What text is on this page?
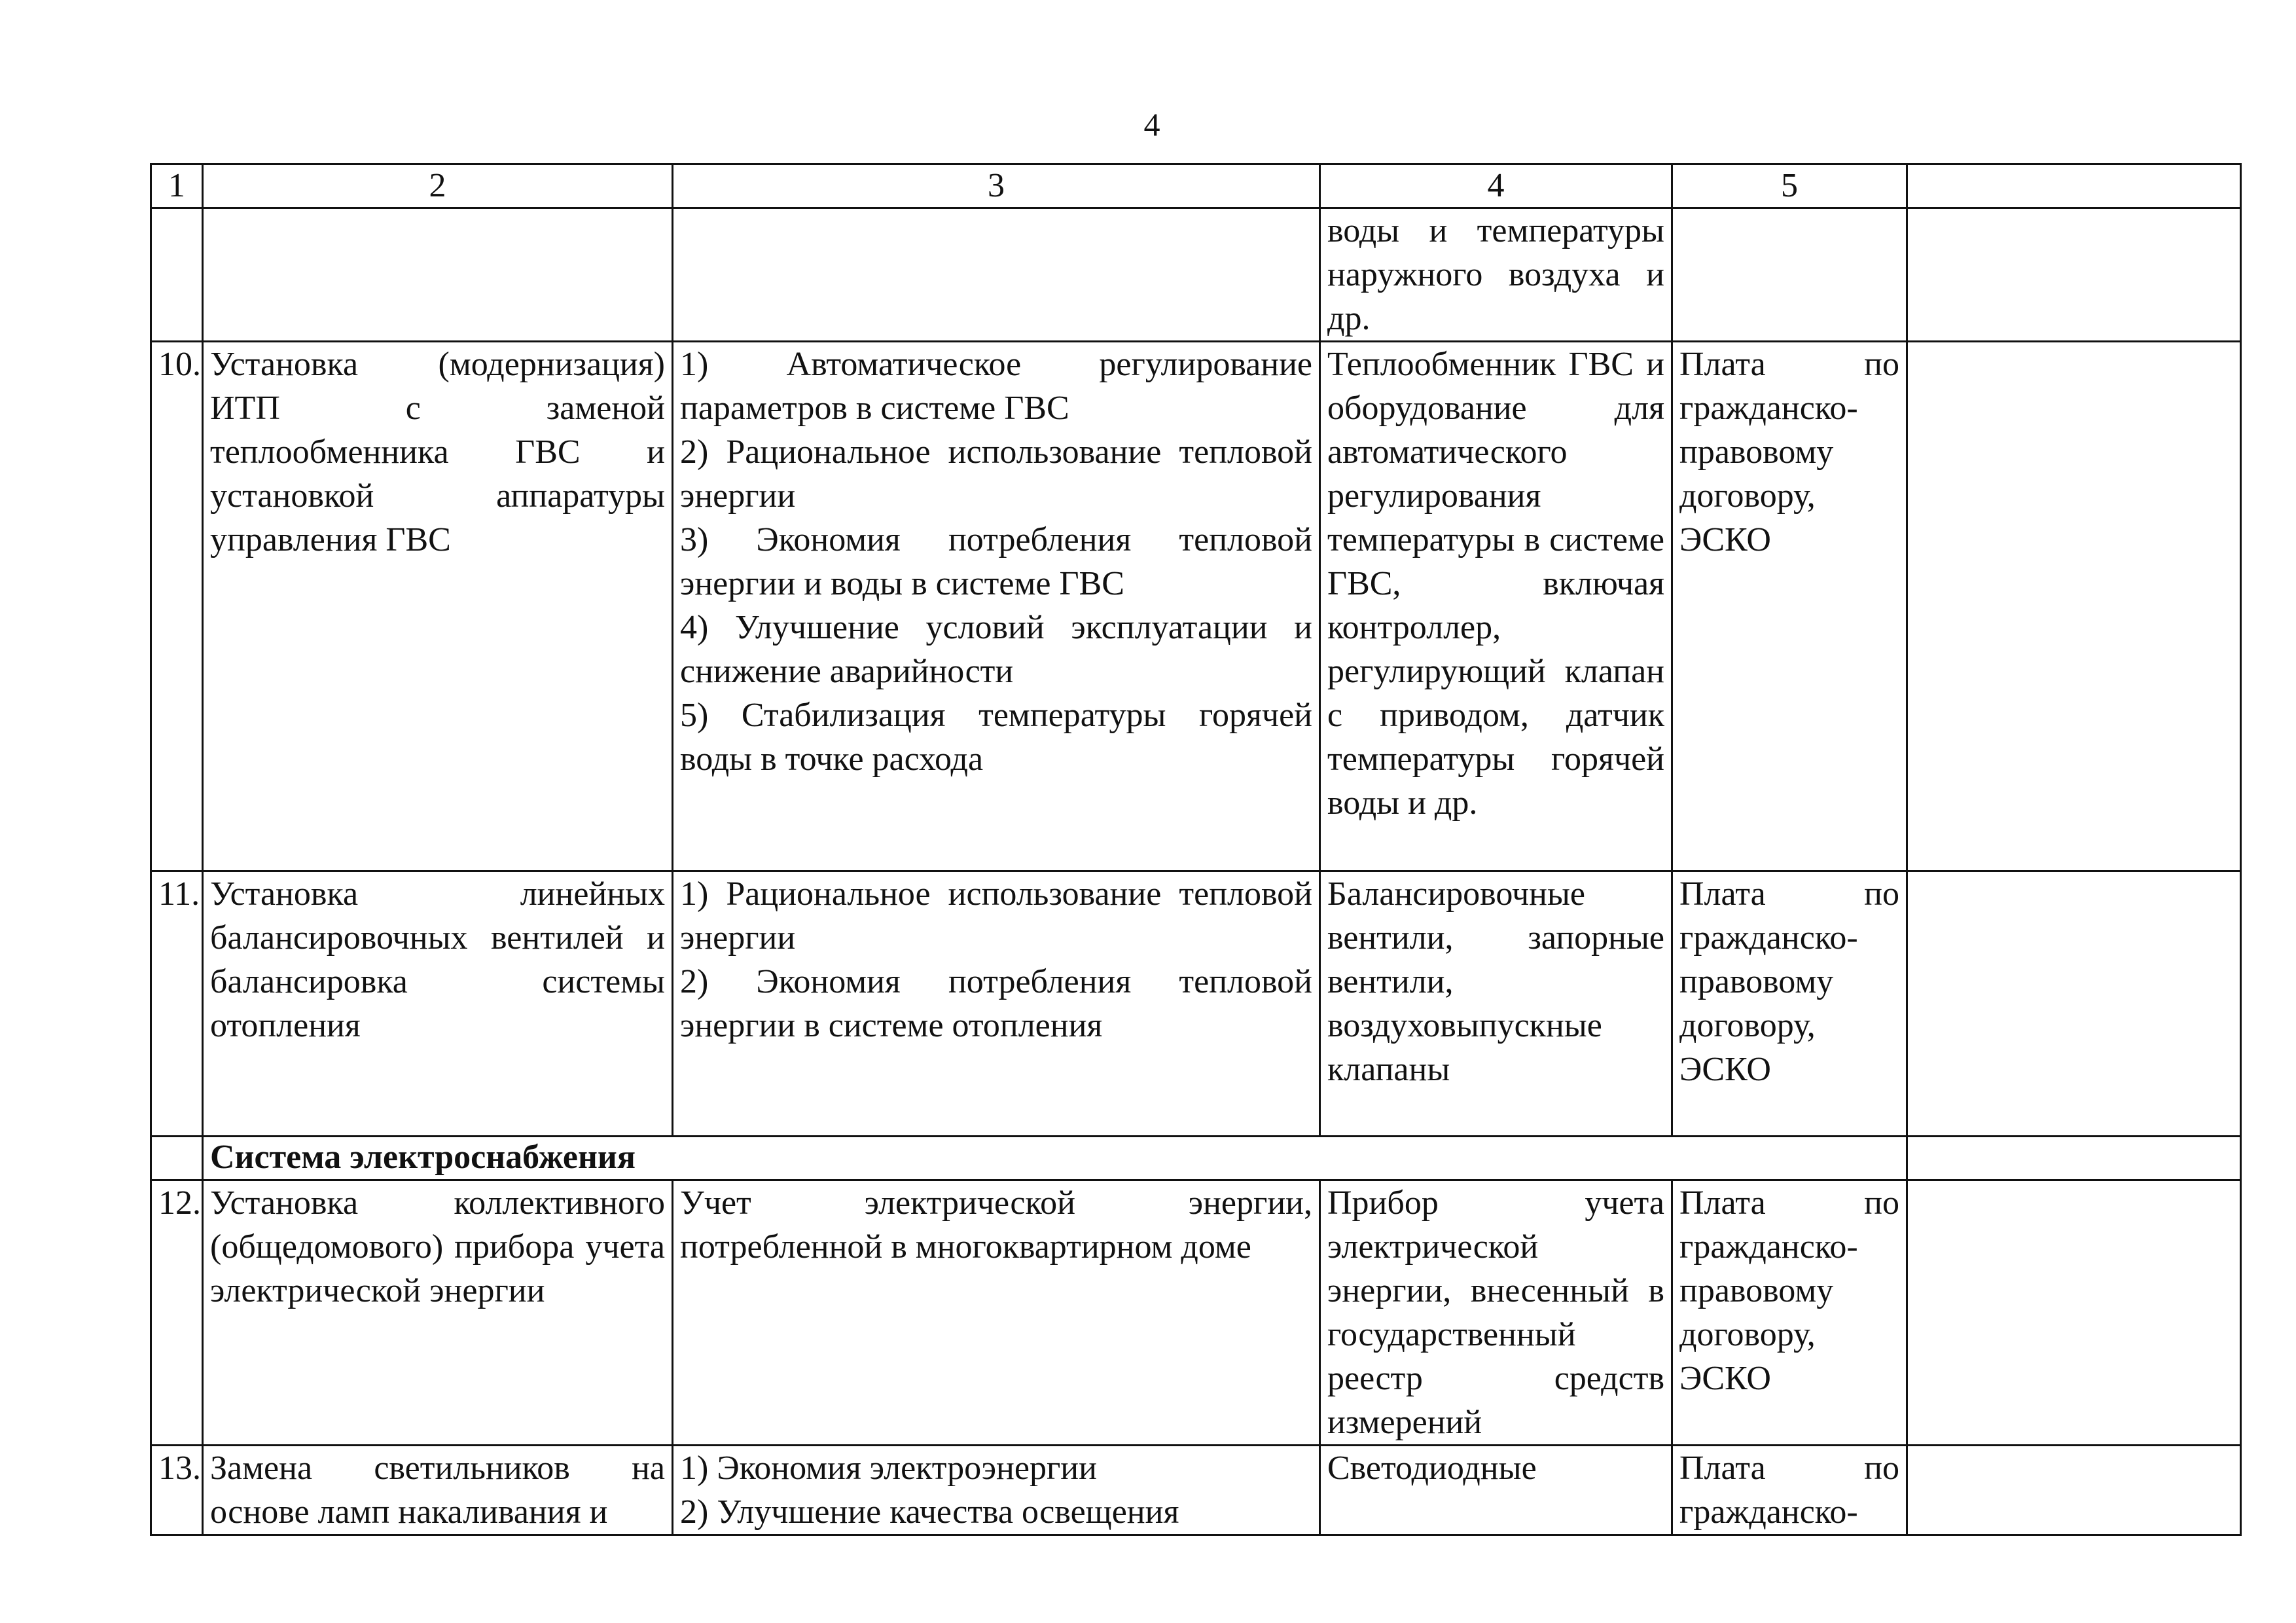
4
1	2	3	4	5	
			воды и температуры наружного воздуха и др.		
10.	Установка (модернизация) ИТП с заменой теплообменника ГВС и установкой аппаратуры управления ГВС	1) Автоматическое регулирование параметров в системе ГВС
2) Рациональное использование тепловой энергии
3) Экономия потребления тепловой энергии и воды в системе ГВС
4) Улучшение условий эксплуатации и снижение аварийности
5) Стабилизация температуры горячей воды в точке расхода	Теплообменник ГВС и оборудование для автоматического регулирования температуры в системе ГВС, включая контроллер, регулирующий клапан с приводом, датчик температуры горячей воды и др.	Плата по гражданско-правовому договору, ЭСКО	
11.	Установка линейных балансировочных вентилей и балансировка системы отопления	1) Рациональное использование тепловой энергии
2) Экономия потребления тепловой энергии в системе отопления	Балансировочные вентили, запорные вентили, воздуховыпускные клапаны	Плата по гражданско-правовому договору, ЭСКО	
	Система электроснабжения				
12.	Установка коллективного (общедомового) прибора учета электрической энергии	Учет электрической энергии, потребленной в многоквартирном доме	Прибор учета электрической энергии, внесенный в государственный реестр средств измерений	Плата по гражданско-правовому договору, ЭСКО	
13.	Замена светильников на основе ламп накаливания и	1) Экономия электроэнергии
2) Улучшение качества освещения	Светодиодные	Плата по гражданско-	
